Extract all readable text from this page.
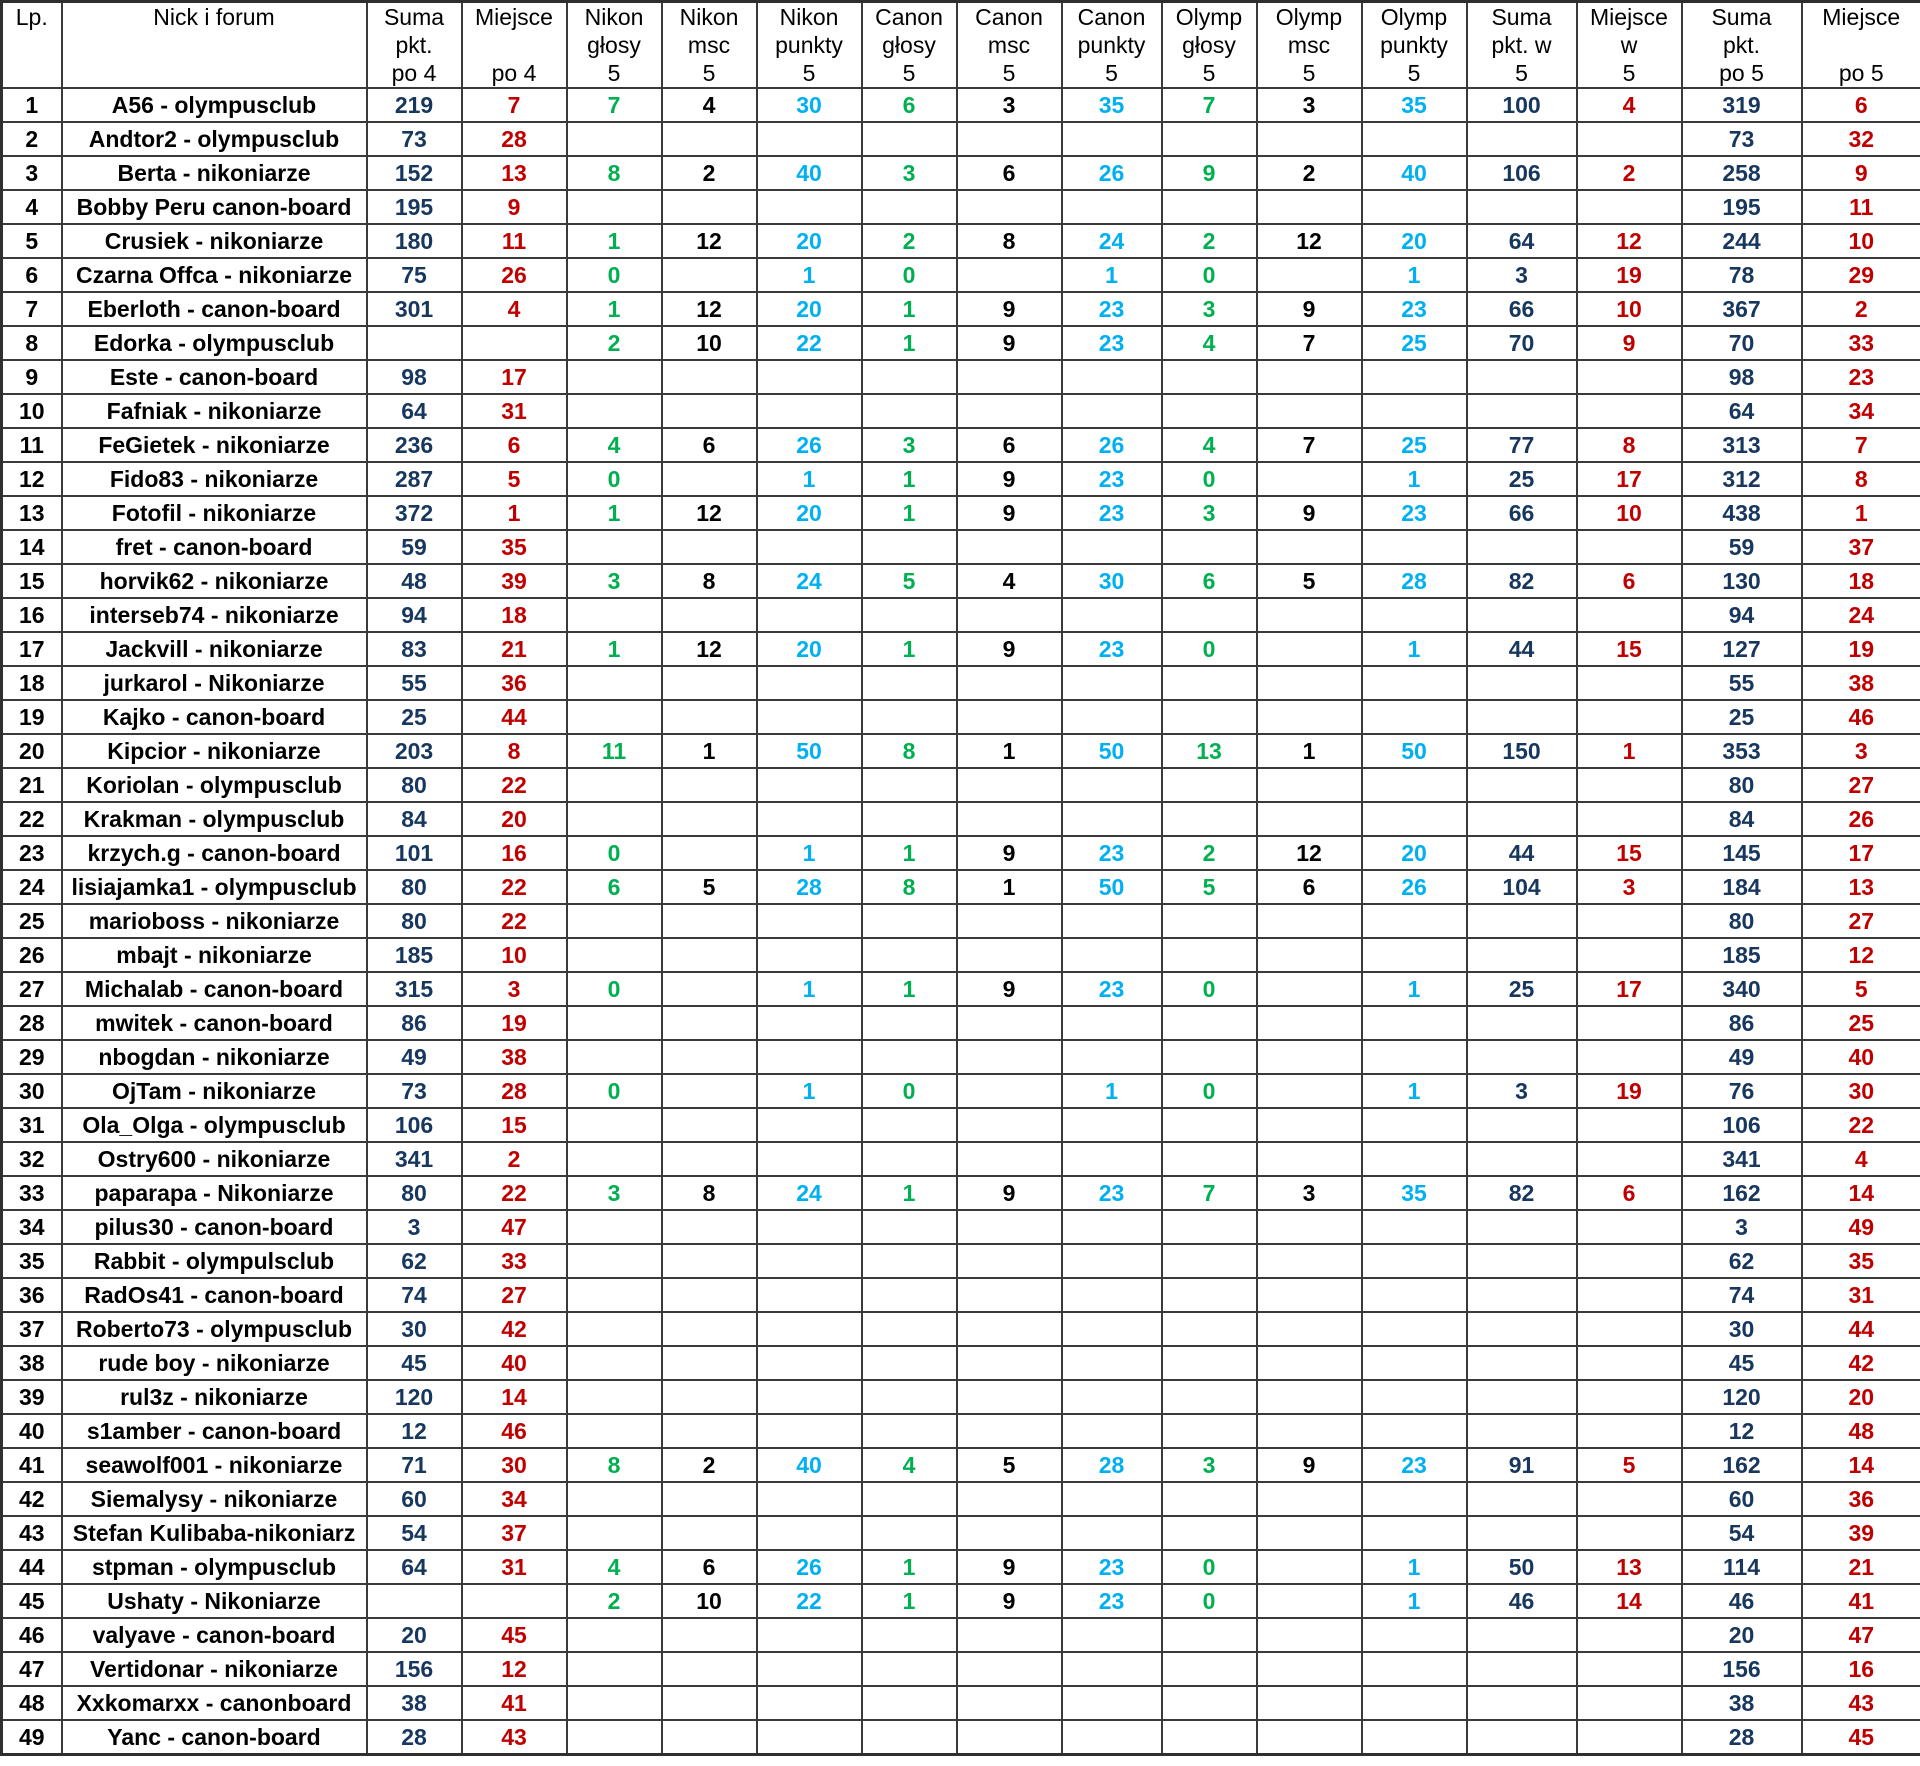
Lp.	Nick i forum	Suma
pkt.
po 4

Miejsce
po 4

Nikon
głosy
5

Nikon
msc
5

Nikon
punkty
5

Canon
głosy
5

Canon
msc
5

Canon
punkty
5

Olymp
głosy
5

Olymp
msc
5

Olymp
punkty
5

Suma
pkt. w
5

Miejsce
w
5

Suma
pkt.
po 5

Miejsce
po 5

1	A56 - olympusclub	219	7	7	4	30	6	3	35	7	3	35	100	4	319	6
2	Andtor2 - olympusclub	73	28												73	32
3	Berta - nikoniarze	152	13	8	2	40	3	6	26	9	2	40	106	2	258	9
4	Bobby Peru canon-board	195	9												195	11
5	Crusiek - nikoniarze	180	11	1	12	20	2	8	24	2	12	20	64	12	244	10
6	Czarna Offca - nikoniarze	75	26	0		1	0		1	0		1	3	19	78	29
7	Eberloth - canon-board	301	4	1	12	20	1	9	23	3	9	23	66	10	367	2
8	Edorka - olympusclub			2	10	22	1	9	23	4	7	25	70	9	70	33
9	Este - canon-board	98	17												98	23
10	Fafniak - nikoniarze	64	31												64	34
11	FeGietek - nikoniarze	236	6	4	6	26	3	6	26	4	7	25	77	8	313	7
12	Fido83 - nikoniarze	287	5	0		1	1	9	23	0		1	25	17	312	8
13	Fotofil - nikoniarze	372	1	1	12	20	1	9	23	3	9	23	66	10	438	1
14	fret - canon-board	59	35												59	37
15	horvik62 - nikoniarze	48	39	3	8	24	5	4	30	6	5	28	82	6	130	18
16	interseb74 - nikoniarze	94	18												94	24
17	Jackvill - nikoniarze	83	21	1	12	20	1	9	23	0		1	44	15	127	19
18	jurkarol - Nikoniarze	55	36												55	38
19	Kajko - canon-board	25	44												25	46
20	Kipcior - nikoniarze	203	8	11	1	50	8	1	50	13	1	50	150	1	353	3
21	Koriolan - olympusclub	80	22												80	27
22	Krakman - olympusclub	84	20												84	26
23	krzych.g - canon-board	101	16	0		1	1	9	23	2	12	20	44	15	145	17
24	lisiajamka1 - olympusclub	80	22	6	5	28	8	1	50	5	6	26	104	3	184	13
25	marioboss - nikoniarze	80	22												80	27
26	mbajt - nikoniarze	185	10												185	12
27	Michalab - canon-board	315	3	0		1	1	9	23	0		1	25	17	340	5
28	mwitek - canon-board	86	19												86	25
29	nbogdan - nikoniarze	49	38												49	40
30	OjTam - nikoniarze	73	28	0		1	0		1	0		1	3	19	76	30
31	Ola_Olga - olympusclub	106	15												106	22
32	Ostry600 - nikoniarze	341	2												341	4
33	paparapa - Nikoniarze	80	22	3	8	24	1	9	23	7	3	35	82	6	162	14
34	pilus30 - canon-board	3	47												3	49
35	Rabbit - olympulsclub	62	33												62	35
36	RadOs41 - canon-board	74	27												74	31
37	Roberto73 - olympusclub	30	42												30	44
38	rude boy - nikoniarze	45	40												45	42
39	rul3z - nikoniarze	120	14												120	20
40	s1amber - canon-board	12	46												12	48
41	seawolf001 - nikoniarze	71	30	8	2	40	4	5	28	3	9	23	91	5	162	14
42	Siemalysy - nikoniarze	60	34												60	36
43	Stefan Kulibaba-nikoniarz	54	37												54	39
44	stpman - olympusclub	64	31	4	6	26	1	9	23	0		1	50	13	114	21
45	Ushaty - Nikoniarze			2	10	22	1	9	23	0		1	46	14	46	41
46	valyave - canon-board	20	45												20	47
47	Vertidonar - nikoniarze	156	12												156	16
48	Xxkomarxx - canonboard	38	41												38	43
49	Yanc - canon-board	28	43												28	45
